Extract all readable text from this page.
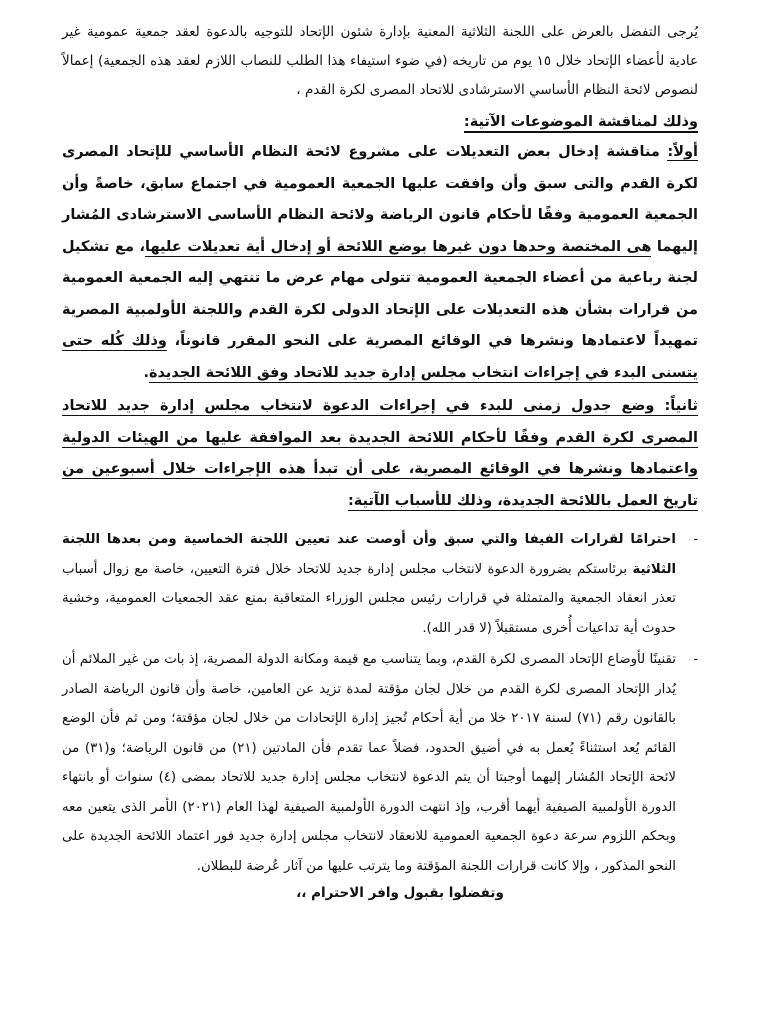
يُرجى التفضل بالعرض على اللجنة الثلاثية المعنية بإدارة شئون الإتحاد للتوجيه بالدعوة لعقد جمعية عمومية غير عادية لأعضاء الإتحاد خلال ١٥ يوم من تاريخه (في ضوء استيفاء هذا الطلب للنصاب اللازم لعقد هذه الجمعية) إعمالاً لنصوص لائحة النظام الأساسي الاسترشادى للاتحاد المصرى لكرة القدم ،

وذلك لمناقشة الموضوعات الآتية:

أولاً: مناقشة إدخال بعض التعديلات على مشروع لائحة النظام الأساسي للإتحاد المصرى لكرة القدم والتى سبق وأن وافقت عليها الجمعية العمومية في اجتماع سابق، خاصةً وأن الجمعية العمومية وفقًا لأحكام قانون الرياضة ولائحة النظام الأساسى الاسترشادى المُشار إليهما هى المختصة وحدها دون غيرها بوضع اللائحة أو إدخال أية تعديلات عليها، مع تشكيل لجنة رباعية من أعضاء الجمعية العمومية تتولى مهام عرض ما تنتهي إليه الجمعية العمومية من قرارات بشأن هذه التعديلات على الإتحاد الدولى لكرة القدم واللجنة الأولمبية المصرية تمهيداً لاعتمادها ونشرها في الوقائع المصرية على النحو المقرر قانوناً، وذلك كُله حتى يتسنى البدء في إجراءات انتخاب مجلس إدارة جديد للاتحاد وفق اللائحة الجديدة.

ثانياً: وضع جدول زمنى للبدء في إجراءات الدعوة لانتخاب مجلس إدارة جديد للاتحاد المصرى لكرة القدم وفقًا لأحكام اللائحة الجديدة بعد الموافقة عليها من الهيئات الدولية واعتمادها ونشرها في الوقائع المصرية، على أن تبدأ هذه الإجراءات خلال أسبوعين من تاريخ العمل باللائحة الجديدة، وذلك للأسباب الآتية:

-
احترامًا لقرارات الفيفا والتي سبق وأن أوصت عند تعيين اللجنة الخماسية ومن بعدها اللجنة الثلاثية برئاستكم بضرورة الدعوة لانتخاب مجلس إدارة جديد للاتحاد خلال فترة التعيين، خاصة مع زوال أسباب تعذر انعقاد الجمعية والمتمثلة في قرارات رئيس مجلس الوزراء المتعاقبة بمنع عقد الجمعيات العمومية، وخشية حدوث أية تداعيات أُخرى مستقبلاً (لا قدر الله).
-
تقنينًا لأوضاع الإتحاد المصرى لكرة القدم، وبما يتناسب مع قيمة ومكانة الدولة المصرية، إذ بات من غير الملائم أن يُدار الإتحاد المصرى لكرة القدم من خلال لجان مؤقتة لمدة تزيد عن العامين، خاصة وأن قانون الرياضة الصادر بالقانون رقم (٧١) لسنة ٢٠١٧ خلا من أية أحكام تُجيز إدارة الإتحادات من خلال لجان مؤقتة؛ ومن ثم فأن الوضع القائم يُعد استثناءً يُعمل به في أضيق الحدود، فضلاً عما تقدم فأن المادتين (٢١) من قانون الرياضة؛ و(٣١) من لائحة الإتحاد المُشار إليهما أوجبتا أن يتم الدعوة لانتخاب مجلس إدارة جديد للاتحاد بمضى (٤) سنوات أو بانتهاء الدورة الأولمبية الصيفية أيهما أقرب، وإذ انتهت الدورة الأولمبية الصيفية لهذا العام (٢٠٢١) الأمر الذى يتعين معه وبحكم اللزوم سرعة دعوة الجمعية العمومية للانعقاد لانتخاب مجلس إدارة جديد فور اعتماد اللائحة الجديدة على النحو المذكور ، وإلا كانت قرارات اللجنة المؤقتة وما يترتب عليها من آثار عُرضة للبطلان.

وتفضلوا بقبول وافر الاحترام ،،
